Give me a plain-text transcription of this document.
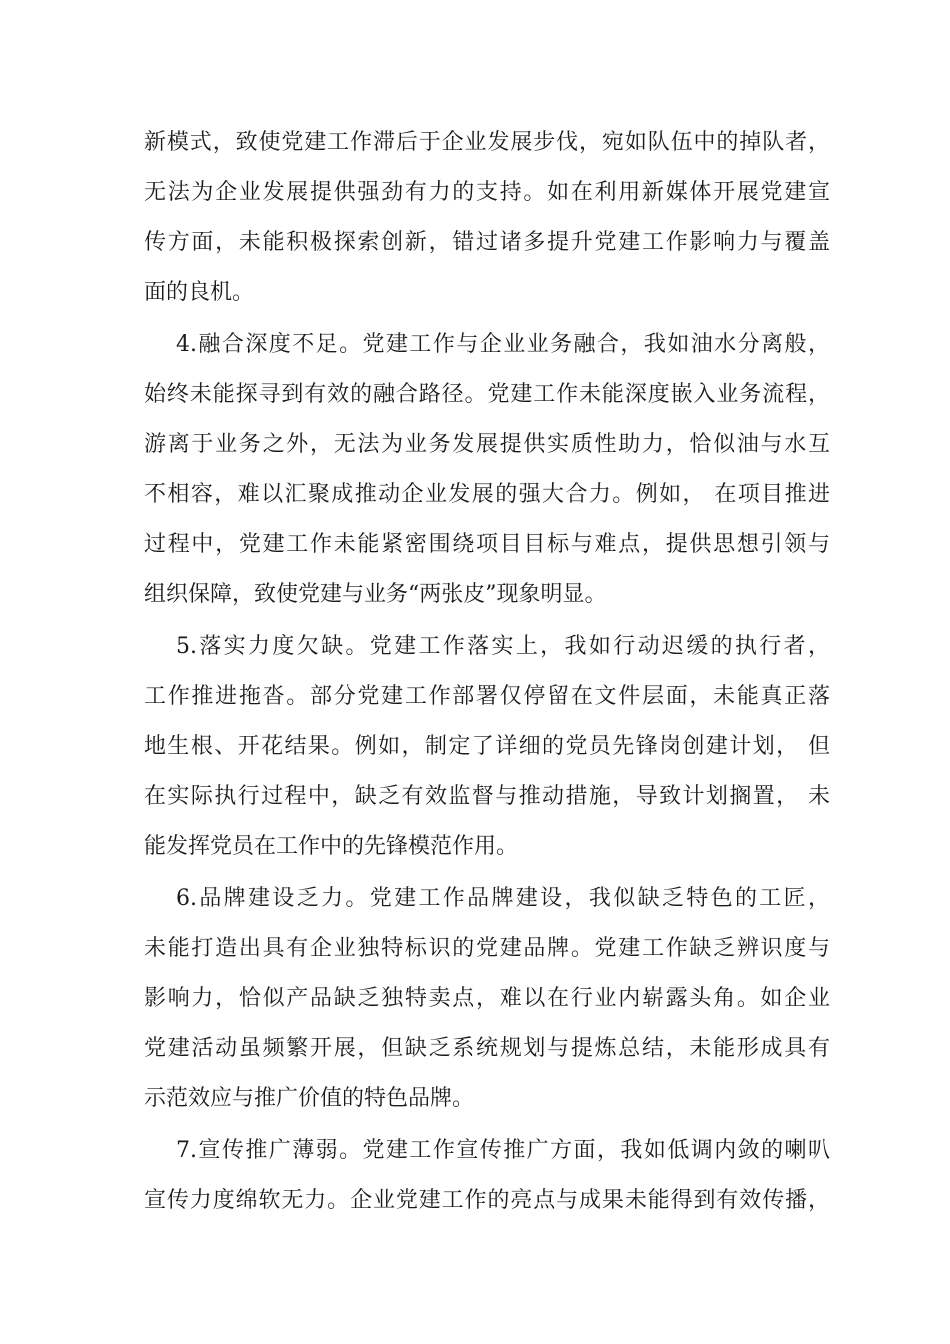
新模式，致使党建工作滞后于企业发展步伐，宛如队伍中的掉队者，
无法为企业发展提供强劲有力的支持。如在利用新媒体开展党建宣
传方面，未能积极探索创新，错过诸多提升党建工作影响力与覆盖
面的良机。
4.融合深度不足。党建工作与企业业务融合，我如油水分离般，
始终未能探寻到有效的融合路径。党建工作未能深度嵌入业务流程，
游离于业务之外，无法为业务发展提供实质性助力，恰似油与水互
不相容，难以汇聚成推动企业发展的强大合力。例如， 在项目推进
过程中，党建工作未能紧密围绕项目目标与难点，提供思想引领与
组织保障，致使党建与业务“两张皮”现象明显。
5.落实力度欠缺。党建工作落实上，我如行动迟缓的执行者，
工作推进拖沓。部分党建工作部署仅停留在文件层面，未能真正落
地生根、开花结果。例如，制定了详细的党员先锋岗创建计划， 但
在实际执行过程中，缺乏有效监督与推动措施，导致计划搁置， 未
能发挥党员在工作中的先锋模范作用。
6.品牌建设乏力。党建工作品牌建设，我似缺乏特色的工匠，
未能打造出具有企业独特标识的党建品牌。党建工作缺乏辨识度与
影响力，恰似产品缺乏独特卖点，难以在行业内崭露头角。如企业
党建活动虽频繁开展，但缺乏系统规划与提炼总结，未能形成具有
示范效应与推广价值的特色品牌。
7.宣传推广薄弱。党建工作宣传推广方面，我如低调内敛的喇叭
宣传力度绵软无力。企业党建工作的亮点与成果未能得到有效传播，
